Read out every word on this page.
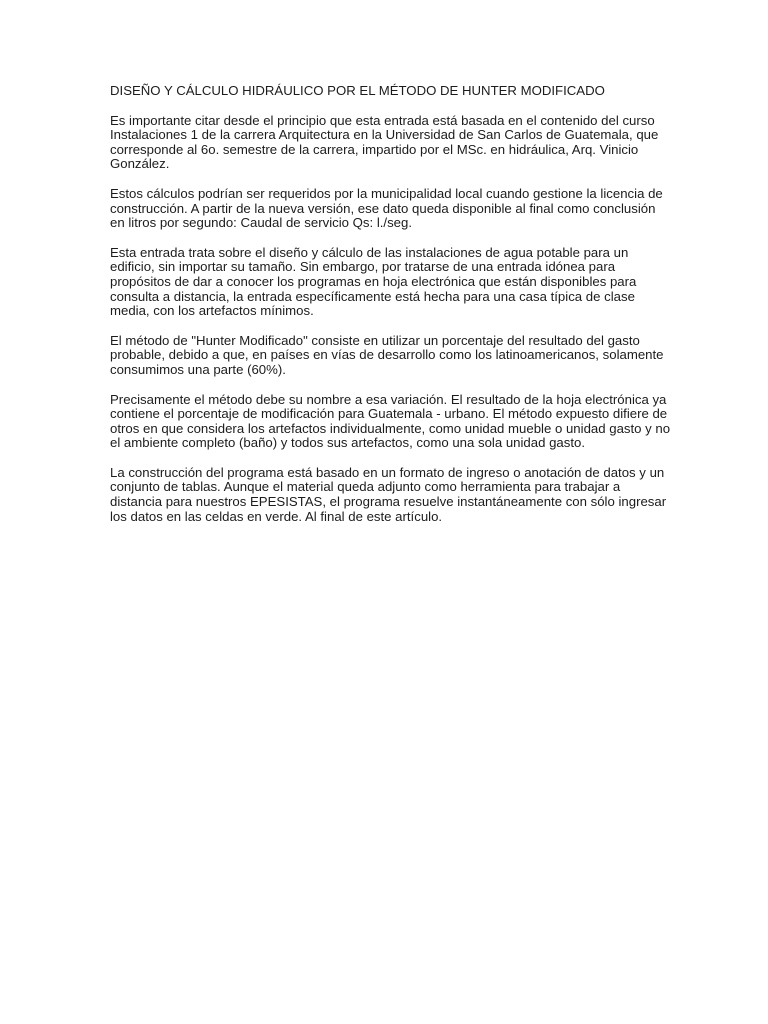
DISEÑO Y CÁLCULO HIDRÁULICO POR EL MÉTODO DE HUNTER MODIFICADO
Es importante citar desde el principio que esta entrada está basada en el contenido del curso
Instalaciones 1 de la carrera Arquitectura en la Universidad de San Carlos de Guatemala, que
corresponde al 6o. semestre de la carrera, impartido por el MSc. en hidráulica, Arq. Vinicio
González.
Estos cálculos podrían ser requeridos por la municipalidad local cuando gestione la licencia de
construcción. A partir de la nueva versión, ese dato queda disponible al final como conclusión
en litros por segundo: Caudal de servicio Qs: l./seg.
Esta entrada trata sobre el diseño y cálculo de las instalaciones de agua potable para un
edificio, sin importar su tamaño. Sin embargo, por tratarse de una entrada idónea para
propósitos de dar a conocer los programas en hoja electrónica que están disponibles para
consulta a distancia, la entrada específicamente está hecha para una casa típica de clase
media, con los artefactos mínimos.
El método de "Hunter Modificado" consiste en utilizar un porcentaje del resultado del gasto
probable, debido a que, en países en vías de desarrollo como los latinoamericanos, solamente
consumimos una parte (60%).
Precisamente el método debe su nombre a esa variación. El resultado de la hoja electrónica ya
contiene el porcentaje de modificación para Guatemala - urbano. El método expuesto difiere de
otros en que considera los artefactos individualmente, como unidad mueble o unidad gasto y no
el ambiente completo (baño) y todos sus artefactos, como una sola unidad gasto.
La construcción del programa está basado en un formato de ingreso o anotación de datos y un
conjunto de tablas. Aunque el material queda adjunto como herramienta para trabajar a
distancia para nuestros EPESISTAS, el programa resuelve instantáneamente con sólo ingresar
los datos en las celdas en verde. Al final de este artículo.
